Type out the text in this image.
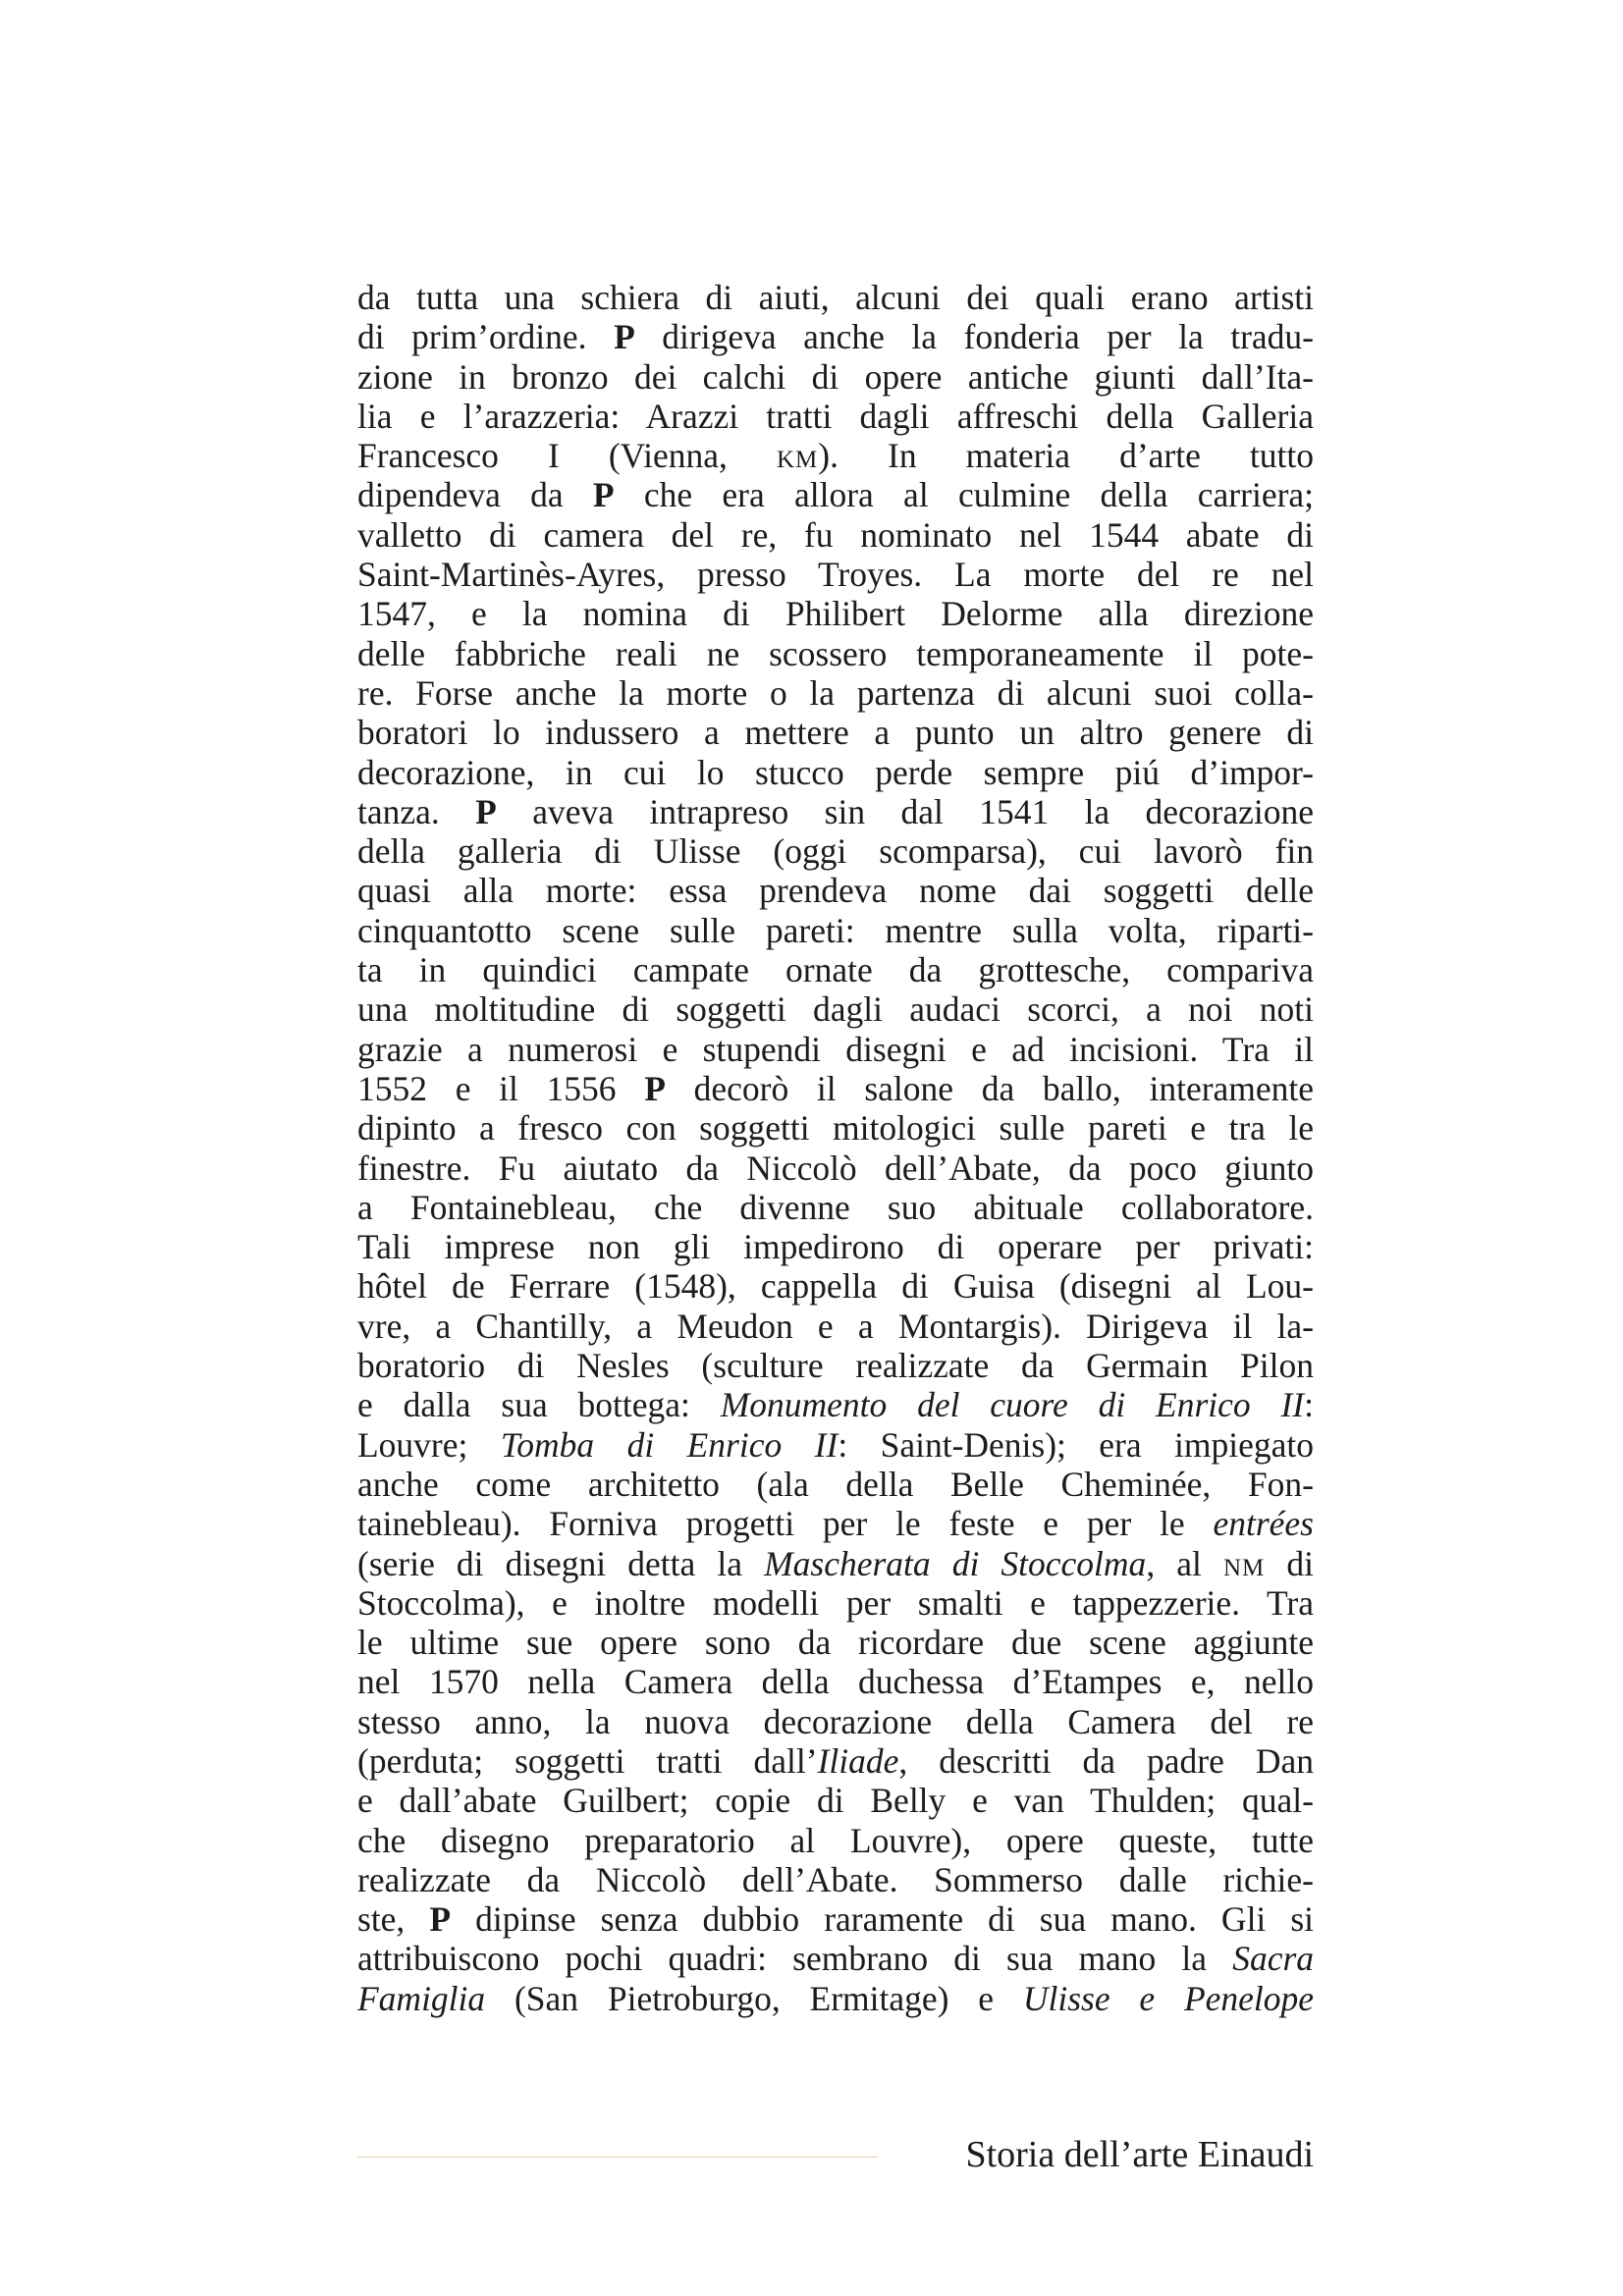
da tutta una schiera di aiuti, alcuni dei quali erano artisti
di prim’ordine. P dirigeva anche la fonderia per la tradu-
zione in bronzo dei calchi di opere antiche giunti dall’Ita-
lia e l’arazzeria: Arazzi tratti dagli affreschi della Galleria
Francesco I (Vienna, km). In materia d’arte tutto
dipendeva da P che era allora al culmine della carriera;
valletto di camera del re, fu nominato nel 1544 abate di
Saint-Martinès-Ayres, presso Troyes. La morte del re nel
1547, e la nomina di Philibert Delorme alla direzione
delle fabbriche reali ne scossero temporaneamente il pote-
re. Forse anche la morte o la partenza di alcuni suoi colla-
boratori lo indussero a mettere a punto un altro genere di
decorazione, in cui lo stucco perde sempre piú d’impor-
tanza. P aveva intrapreso sin dal 1541 la decorazione
della galleria di Ulisse (oggi scomparsa), cui lavorò fin
quasi alla morte: essa prendeva nome dai soggetti delle
cinquantotto scene sulle pareti: mentre sulla volta, riparti-
ta in quindici campate ornate da grottesche, compariva
una moltitudine di soggetti dagli audaci scorci, a noi noti
grazie a numerosi e stupendi disegni e ad incisioni. Tra il
1552 e il 1556 P decorò il salone da ballo, interamente
dipinto a fresco con soggetti mitologici sulle pareti e tra le
finestre. Fu aiutato da Niccolò dell’Abate, da poco giunto
a Fontainebleau, che divenne suo abituale collaboratore.
Tali imprese non gli impedirono di operare per privati:
hôtel de Ferrare (1548), cappella di Guisa (disegni al Lou-
vre, a Chantilly, a Meudon e a Montargis). Dirigeva il la-
boratorio di Nesles (sculture realizzate da Germain Pilon
e dalla sua bottega: Monumento del cuore di Enrico II:
Louvre; Tomba di Enrico II: Saint-Denis); era impiegato
anche come architetto (ala della Belle Cheminée, Fon-
tainebleau). Forniva progetti per le feste e per le entrées
(serie di disegni detta la Mascherata di Stoccolma, al nm di
Stoccolma), e inoltre modelli per smalti e tappezzerie. Tra
le ultime sue opere sono da ricordare due scene aggiunte
nel 1570 nella Camera della duchessa d’Etampes e, nello
stesso anno, la nuova decorazione della Camera del re
(perduta; soggetti tratti dall’Iliade, descritti da padre Dan
e dall’abate Guilbert; copie di Belly e van Thulden; qual-
che disegno preparatorio al Louvre), opere queste, tutte
realizzate da Niccolò dell’Abate. Sommerso dalle richie-
ste, P dipinse senza dubbio raramente di sua mano. Gli si
attribuiscono pochi quadri: sembrano di sua mano la Sacra
Famiglia (San Pietroburgo, Ermitage) e Ulisse e Penelope
Storia dell’arte Einaudi
